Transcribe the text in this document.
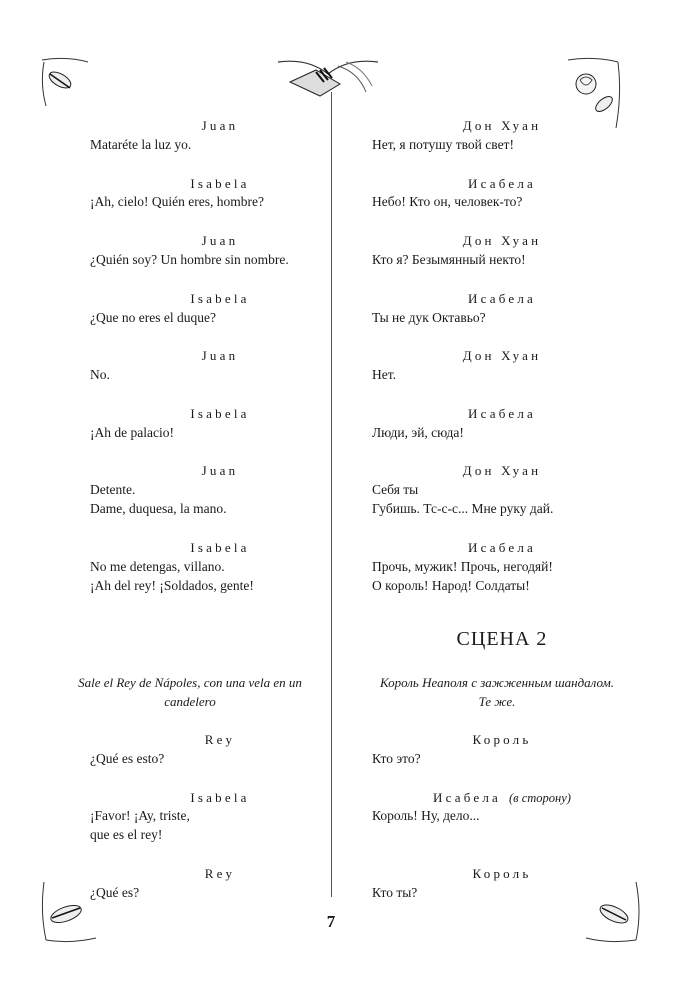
Juan
Mataréte la luz yo.
Isabela
¡Ah, cielo! Quién eres, hombre?
Juan
¿Quién soy? Un hombre sin nombre.
Isabela
¿Que no eres el duque?
Juan
No.
Isabela
¡Ah de palacio!
Juan
Detente.
Dame, duquesa, la mano.
Isabela
No me detengas, villano.
¡Ah del rey! ¡Soldados, gente!
Sale el Rey de Nápoles, con una vela en un
candelero
Rey
¿Qué es esto?
Isabela
¡Favor! ¡Ay, triste,
que es el rey!
Rey
¿Qué es?
Дон Хуан
Нет, я потушу твой свет!
Исабела
Небо! Кто он, человек-то?
Дон Хуан
Кто я? Безымянный некто!
Исабела
Ты не дук Октавьо?
Дон Хуан
Нет.
Исабела
Люди, эй, сюда!
Дон Хуан
Себя ты
Губишь. Тс-с-с... Мне руку дай.
Исабела
Прочь, мужик! Прочь, негодяй!
О король! Народ! Солдаты!
СЦЕНА 2
Король Неаполя с зажженным шандалом.
Те же.
Король
Кто это?
Исабела (в сторону)
Король! Ну, дело...
Король
Кто ты?
7
